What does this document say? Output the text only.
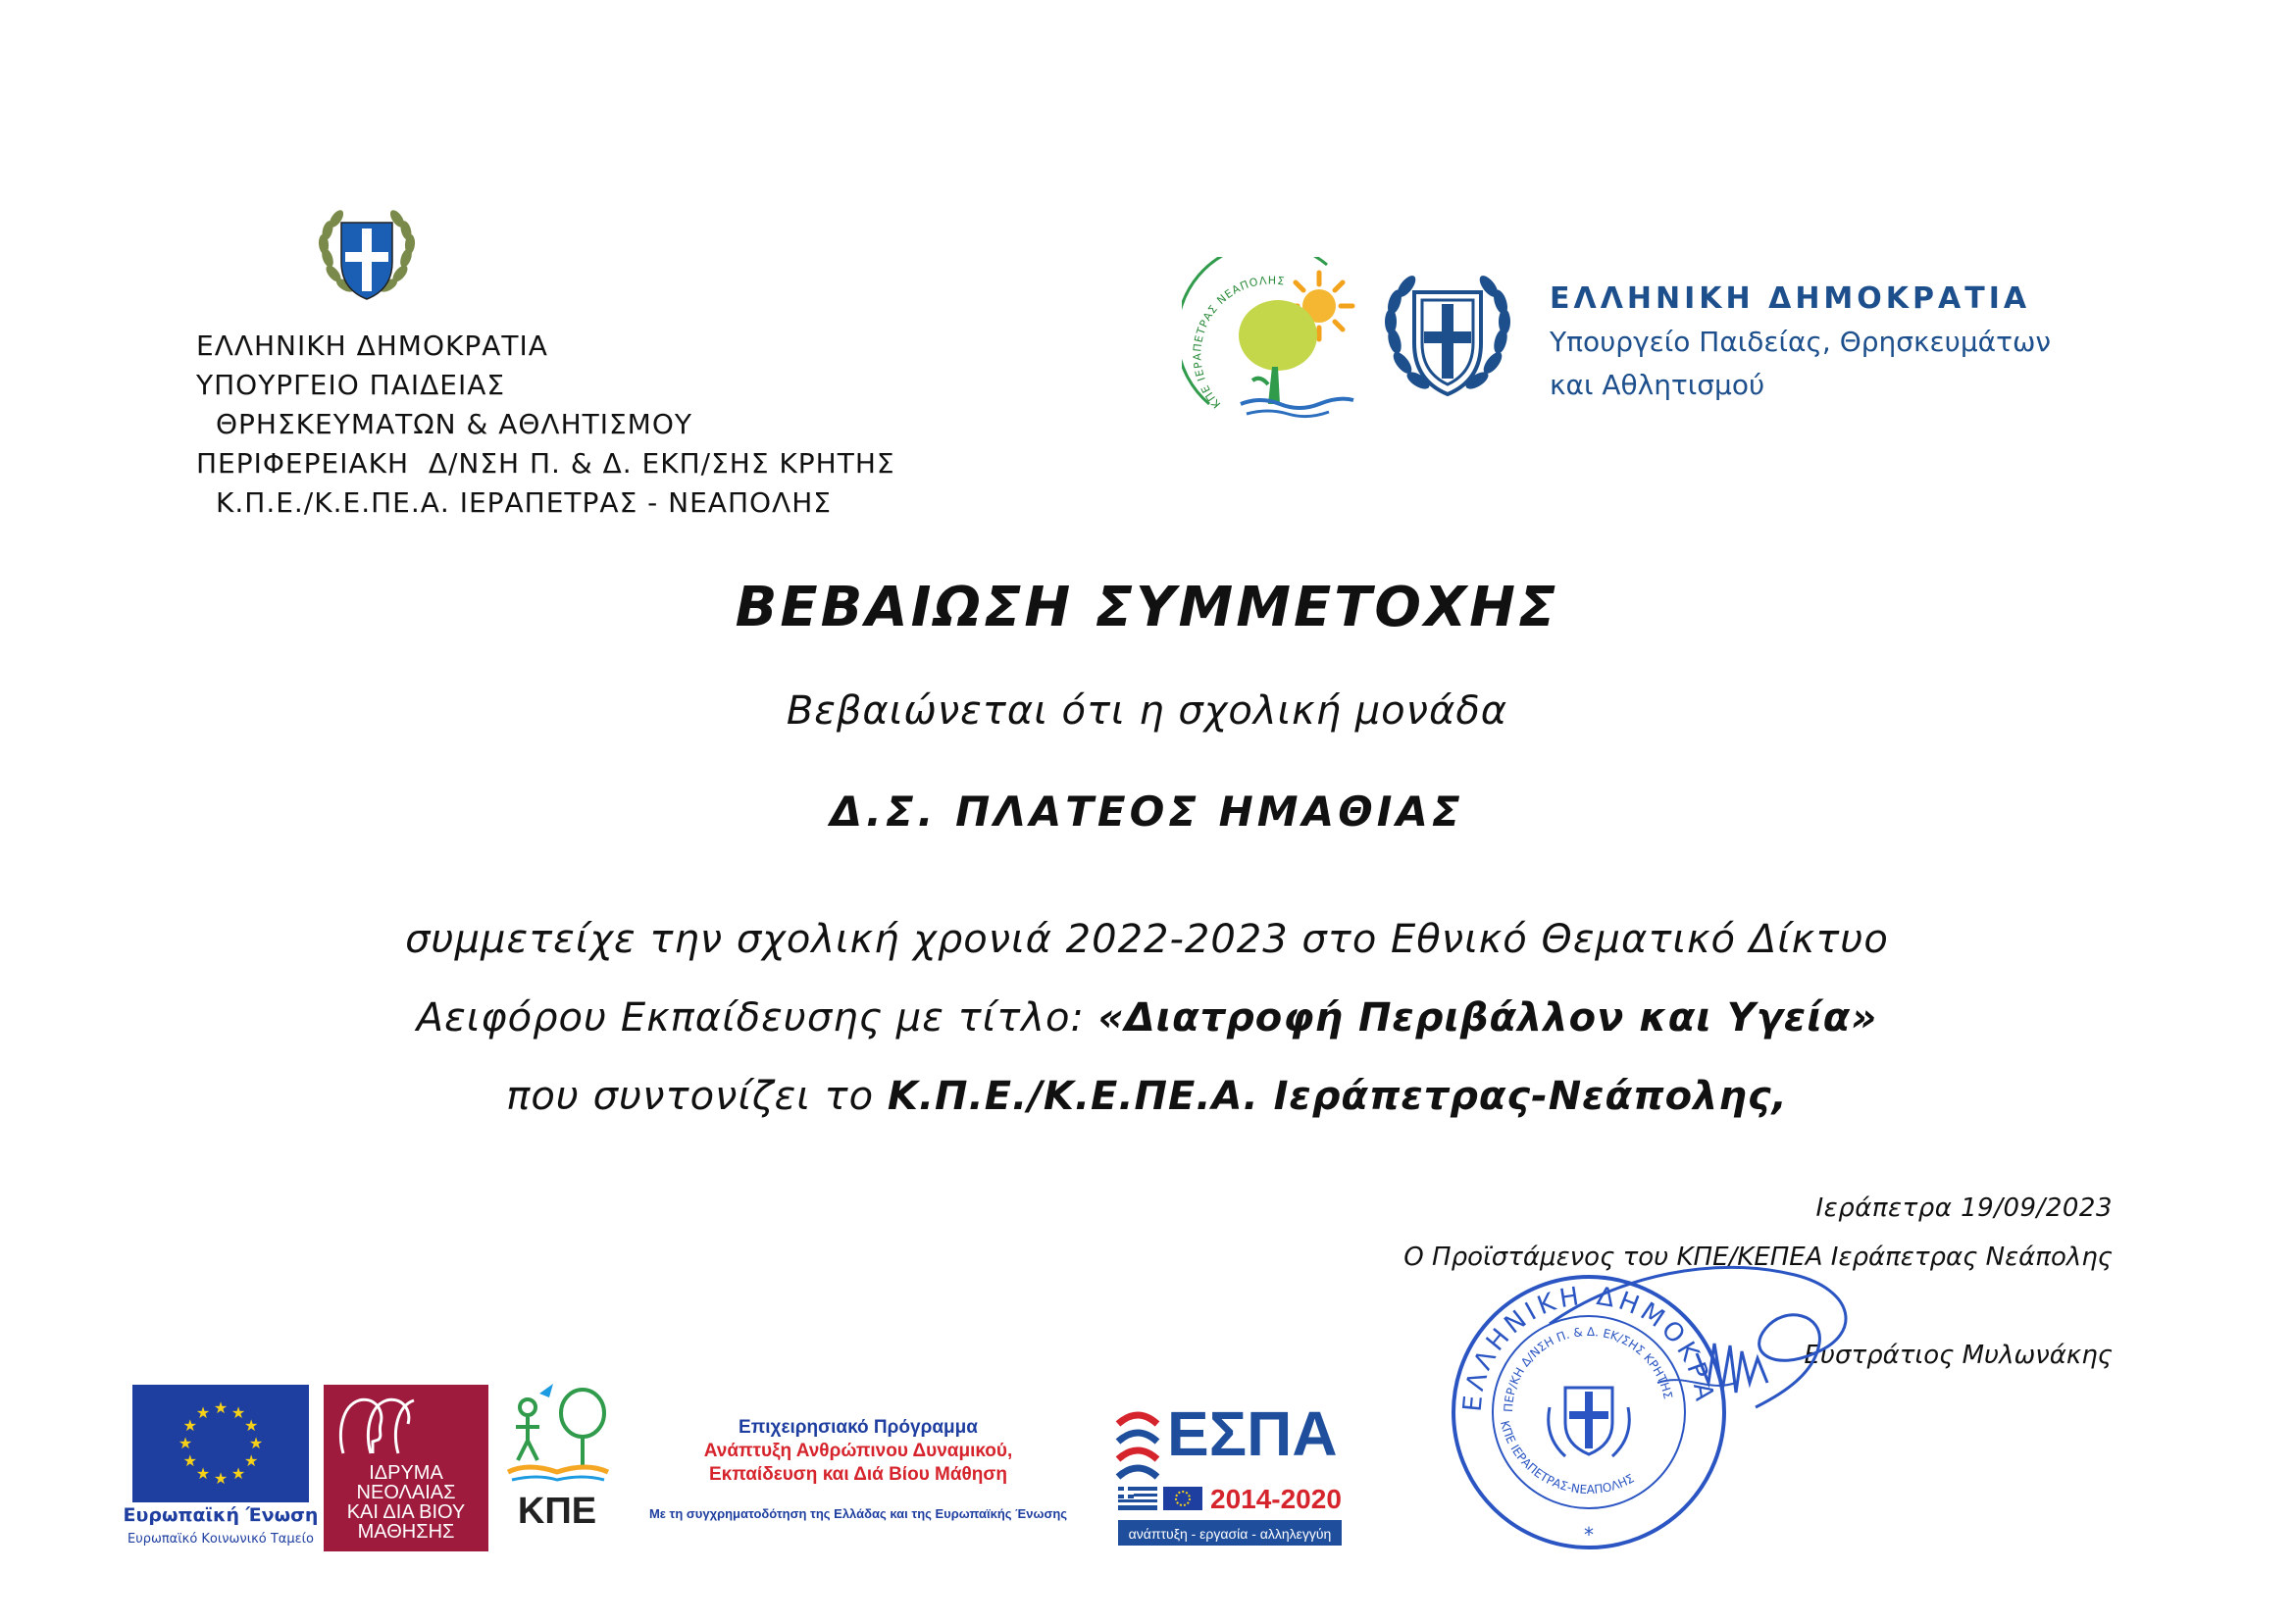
ΕΛΛΗΝΙΚΗ ΔΗΜΟΚΡΑΤΙΑ
ΥΠΟΥΡΓΕΙΟ ΠΑΙΔΕΙΑΣ
ΘΡΗΣΚΕΥΜΑΤΩΝ & ΑΘΛΗΤΙΣΜΟΥ
ΠΕΡΙΦΕΡΕΙΑΚΗ  Δ/ΝΣΗ Π. & Δ. ΕΚΠ/ΣΗΣ ΚΡΗΤΗΣ
Κ.Π.Ε./Κ.Ε.ΠΕ.Α. ΙΕΡΑΠΕΤΡΑΣ - ΝΕΑΠΟΛΗΣ
ΚΠΕ ΙΕΡΑΠΕΤΡΑΣ ΝΕΑΠΟΛΗΣ
ΕΛΛΗΝΙΚΗ ΔΗΜΟΚΡΑΤΙΑ
Υπουργείο Παιδείας, Θρησκευμάτων
και Αθλητισμού
ΒΕΒΑΙΩΣΗ ΣΥΜΜΕΤΟΧΗΣ
Βεβαιώνεται ότι η σχολική μονάδα
Δ.Σ. ΠΛΑΤΕΟΣ ΗΜΑΘΙΑΣ
συμμετείχε την σχολική χρονιά 2022-2023 στο Εθνικό Θεματικό Δίκτυο
Αειφόρου Εκπαίδευσης με τίτλο: «Διατροφή Περιβάλλον και Υγεία»
που συντονίζει το Κ.Π.Ε./Κ.Ε.ΠΕ.Α. Ιεράπετρας-Νεάπολης,
Ιεράπετρα 19/09/2023
Ο Προϊστάμενος του ΚΠΕ/ΚΕΠΕΑ Ιεράπετρας Νεάπολης
ΕΛΛΗΝΙΚΗ ΔΗΜΟΚΡΑ
ΠΕΡ/ΚΗ Δ/ΝΣΗ Π. & Δ. ΕΚ/ΣΗΣ ΚΡΗΤΗΣ
ΚΠΕ ΙΕΡΑΠΕΤΡΑΣ-ΝΕΑΠΟΛΗΣ
*
Ευστράτιος Μυλωνάκης
★ ★
★
★
★
★
★
★
★
★
★
★
Ευρωπαϊκή Ένωση
Ευρωπαϊκό Κοινωνικό Ταμείο
ΙΔΡΥΜΑ
ΝΕΟΛΑΙΑΣ
ΚΑΙ ΔΙΑ ΒΙΟΥ
ΜΑΘΗΣΗΣ	ΚΠΕ
Επιχειρησιακό Πρόγραμμα
Ανάπτυξη Ανθρώπινου Δυναμικού,
Εκπαίδευση και Διά Βίου Μάθηση
Με τη συγχρηματοδότηση της Ελλάδας και της Ευρωπαϊκής Ένωσης
ΕΣΠΑ
2014-2020
ανάπτυξη - εργασία - αλληλεγγύη
